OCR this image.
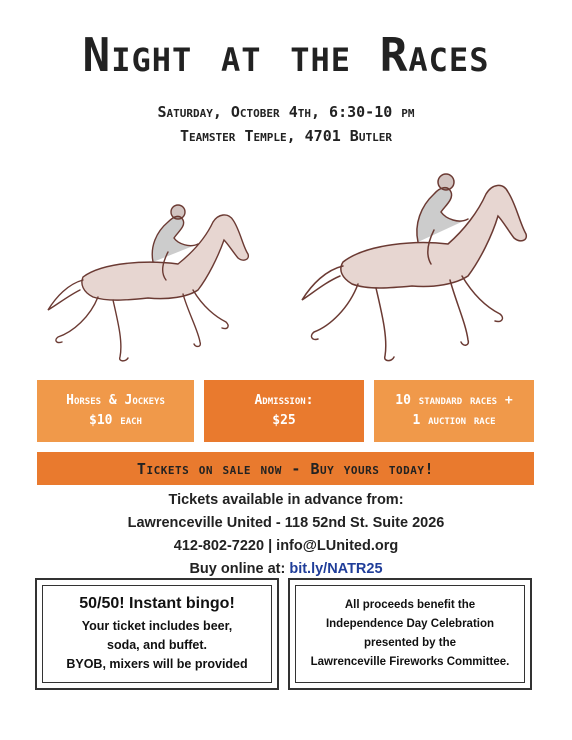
Night at the Races
Saturday, October 4th, 6:30-10 pm
Teamster Temple, 4701 Butler
Horses & Jockeys
$10 each
Admission:
$25
10 standard races +
1 auction race
Tickets on sale now - Buy yours today!
Tickets available in advance from:
Lawrenceville United - 118 52nd St. Suite 2026
412-802-7220 | info@LUnited.org
Buy online at: bit.ly/NATR25
50/50! Instant bingo!
Your ticket includes beer,
soda, and buffet.
BYOB, mixers will be provided
All proceeds benefit the
Independence Day Celebration
presented by the
Lawrenceville Fireworks Committee.
